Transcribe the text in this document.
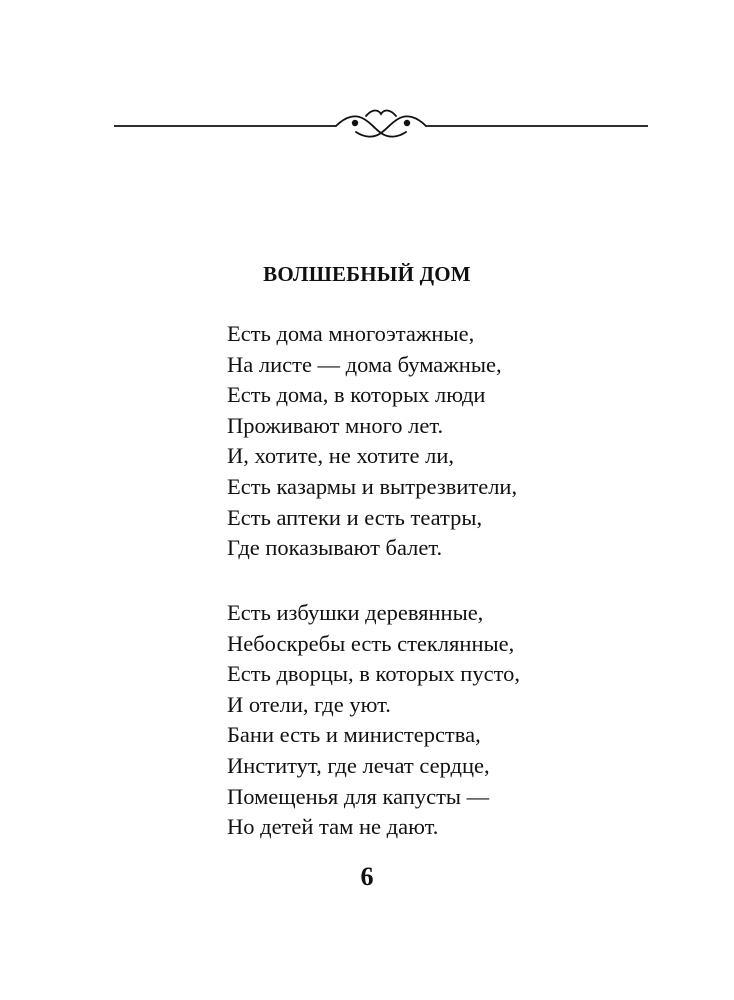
ВОЛШЕБНЫЙ ДОМ
Есть дома многоэтажные,
На листе — дома бумажные,
Есть дома, в которых люди
Проживают много лет.
И, хотите, не хотите ли,
Есть казармы и вытрезвители,
Есть аптеки и есть театры,
Где показывают балет.
Есть избушки деревянные,
Небоскребы есть стеклянные,
Есть дворцы, в которых пусто,
И отели, где уют.
Бани есть и министерства,
Институт, где лечат сердце,
Помещенья для капусты —
Но детей там не дают.
6
